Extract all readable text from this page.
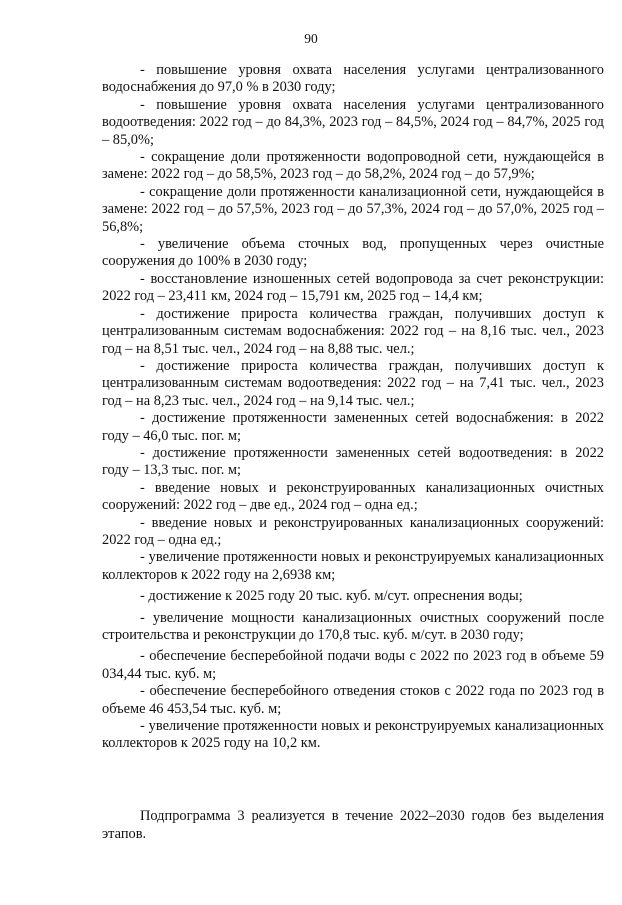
90

- повышение уровня охвата населения услугами централизованного водоснабжения до 97,0 % в 2030 году;

- повышение уровня охвата населения услугами централизованного водоотведения: 2022 год – до 84,3%, 2023 год – 84,5%, 2024 год – 84,7%, 2025 год – 85,0%;

- сокращение доли протяженности водопроводной сети, нуждающейся в замене: 2022 год – до 58,5%, 2023 год – до 58,2%, 2024 год – до 57,9%;

- сокращение доли протяженности канализационной сети, нуждающейся в замене: 2022 год – до 57,5%, 2023 год – до 57,3%, 2024 год – до 57,0%, 2025 год – 56,8%;

- увеличение объема сточных вод, пропущенных через очистные сооружения до 100% в 2030 году;

- восстановление изношенных сетей водопровода за счет реконструкции: 2022 год – 23,411 км, 2024 год – 15,791 км, 2025 год – 14,4 км;

- достижение прироста количества граждан, получивших доступ к централизованным системам водоснабжения: 2022 год – на 8,16 тыс. чел., 2023 год – на 8,51 тыс. чел., 2024 год – на 8,88 тыс. чел.;

- достижение прироста количества граждан, получивших доступ к централизованным системам водоотведения: 2022 год – на 7,41 тыс. чел., 2023 год – на 8,23 тыс. чел., 2024 год – на 9,14 тыс. чел.;

- достижение протяженности замененных сетей водоснабжения: в 2022 году – 46,0 тыс. пог. м;

- достижение протяженности замененных сетей водоотведения: в 2022 году – 13,3 тыс. пог. м;

- введение новых и реконструированных канализационных очистных сооружений: 2022 год – две ед., 2024 год – одна ед.;

- введение новых и реконструированных канализационных сооружений: 2022 год – одна ед.;

- увеличение протяженности новых и реконструируемых канализационных коллекторов к 2022 году на 2,6938 км;

- достижение к 2025 году 20 тыс. куб. м/сут. опреснения воды;

- увеличение мощности канализационных очистных сооружений после строительства и реконструкции до 170,8 тыс. куб. м/сут. в 2030 году;

- обеспечение бесперебойной подачи воды с 2022 по 2023 год в объеме 59 034,44 тыс. куб. м;

- обеспечение бесперебойного отведения стоков с 2022 года по 2023 год в объеме 46 453,54 тыс. куб. м;

- увеличение протяженности новых и реконструируемых канализационных коллекторов к 2025 году на 10,2 км.

Подпрограмма 3 реализуется в течение 2022–2030 годов без выделения этапов.
